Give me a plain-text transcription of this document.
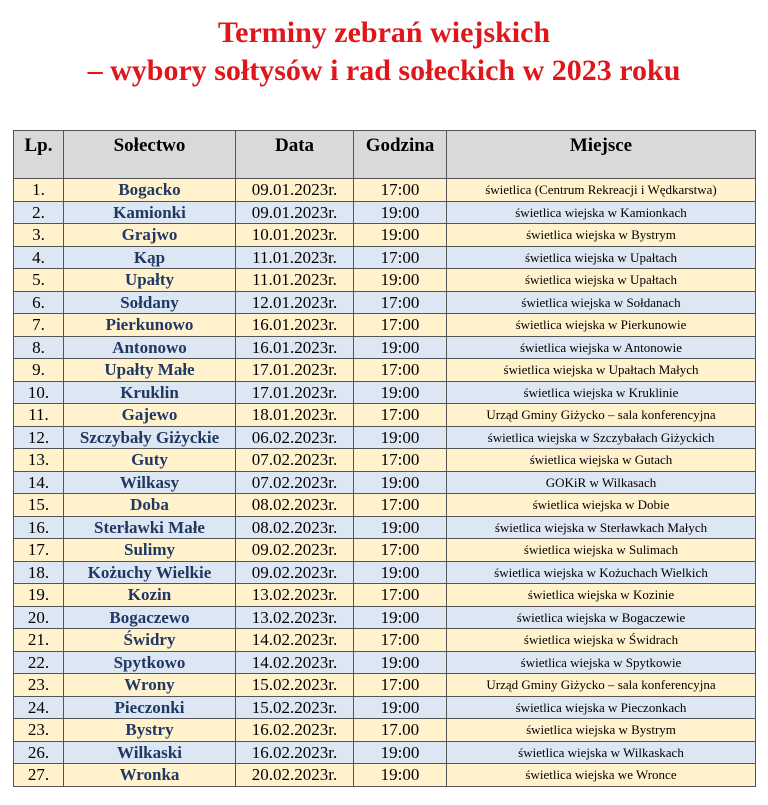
Terminy zebrań wiejskich
– wybory sołtysów i rad sołeckich w 2023 roku
Lp.	Sołectwo	Data	Godzina	Miejsce
1.	Bogacko	09.01.2023r.	17:00	świetlica (Centrum Rekreacji i Wędkarstwa)
2.	Kamionki	09.01.2023r.	19:00	świetlica wiejska w Kamionkach
3.	Grajwo	10.01.2023r.	19:00	świetlica wiejska w Bystrym
4.	Kąp	11.01.2023r.	17:00	świetlica wiejska w Upałtach
5.	Upałty	11.01.2023r.	19:00	świetlica wiejska w Upałtach
6.	Sołdany	12.01.2023r.	17:00	świetlica wiejska w Sołdanach
7.	Pierkunowo	16.01.2023r.	17:00	świetlica wiejska w Pierkunowie
8.	Antonowo	16.01.2023r.	19:00	świetlica wiejska w Antonowie
9.	Upałty Małe	17.01.2023r.	17:00	świetlica wiejska w Upałtach Małych
10.	Kruklin	17.01.2023r.	19:00	świetlica wiejska w Kruklinie
11.	Gajewo	18.01.2023r.	17:00	Urząd Gminy Giżycko – sala konferencyjna
12.	Szczybały Giżyckie	06.02.2023r.	19:00	świetlica wiejska w Szczybałach Giżyckich
13.	Guty	07.02.2023r.	17:00	świetlica wiejska w Gutach
14.	Wilkasy	07.02.2023r.	19:00	GOKiR w Wilkasach
15.	Doba	08.02.2023r.	17:00	świetlica wiejska w Dobie
16.	Sterławki Małe	08.02.2023r.	19:00	świetlica wiejska w Sterławkach Małych
17.	Sulimy	09.02.2023r.	17:00	świetlica wiejska w Sulimach
18.	Kożuchy Wielkie	09.02.2023r.	19:00	świetlica wiejska w Kożuchach Wielkich
19.	Kozin	13.02.2023r.	17:00	świetlica wiejska w Kozinie
20.	Bogaczewo	13.02.2023r.	19:00	świetlica wiejska w Bogaczewie
21.	Świdry	14.02.2023r.	17:00	świetlica wiejska w Świdrach
22.	Spytkowo	14.02.2023r.	19:00	świetlica wiejska w Spytkowie
23.	Wrony	15.02.2023r.	17:00	Urząd Gminy Giżycko – sala konferencyjna
24.	Pieczonki	15.02.2023r.	19:00	świetlica wiejska w Pieczonkach
23.	Bystry	16.02.2023r.	17.00	świetlica wiejska w Bystrym
26.	Wilkaski	16.02.2023r.	19:00	świetlica wiejska w Wilkaskach
27.	Wronka	20.02.2023r.	19:00	świetlica wiejska we Wronce
